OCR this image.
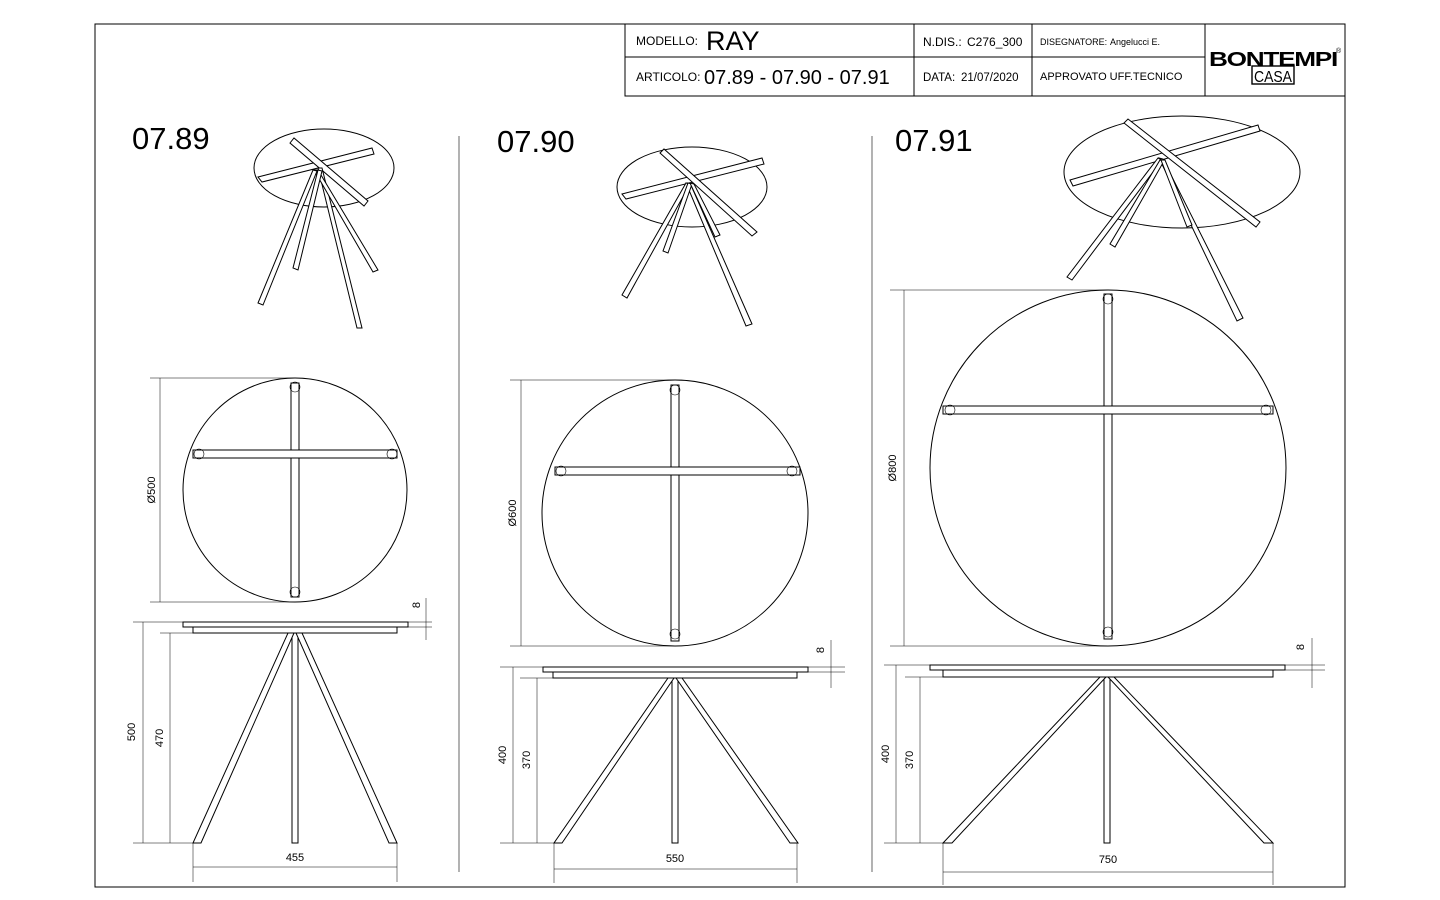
MODELLO: RAY	N.DIS.: C276_300 DISEGNATORE: Angelucci E.
ARTICOLO: 07.89 - 07.90 - 07.91	DATA: 21/07/2020 APPROVATO UFF.TECNICO
BONTEMPI
®
CASA
07.89	07.90	07.91
Ø500
8
500 470
455
Ø600
8
400 370
550
Ø800
8
400 370
750
